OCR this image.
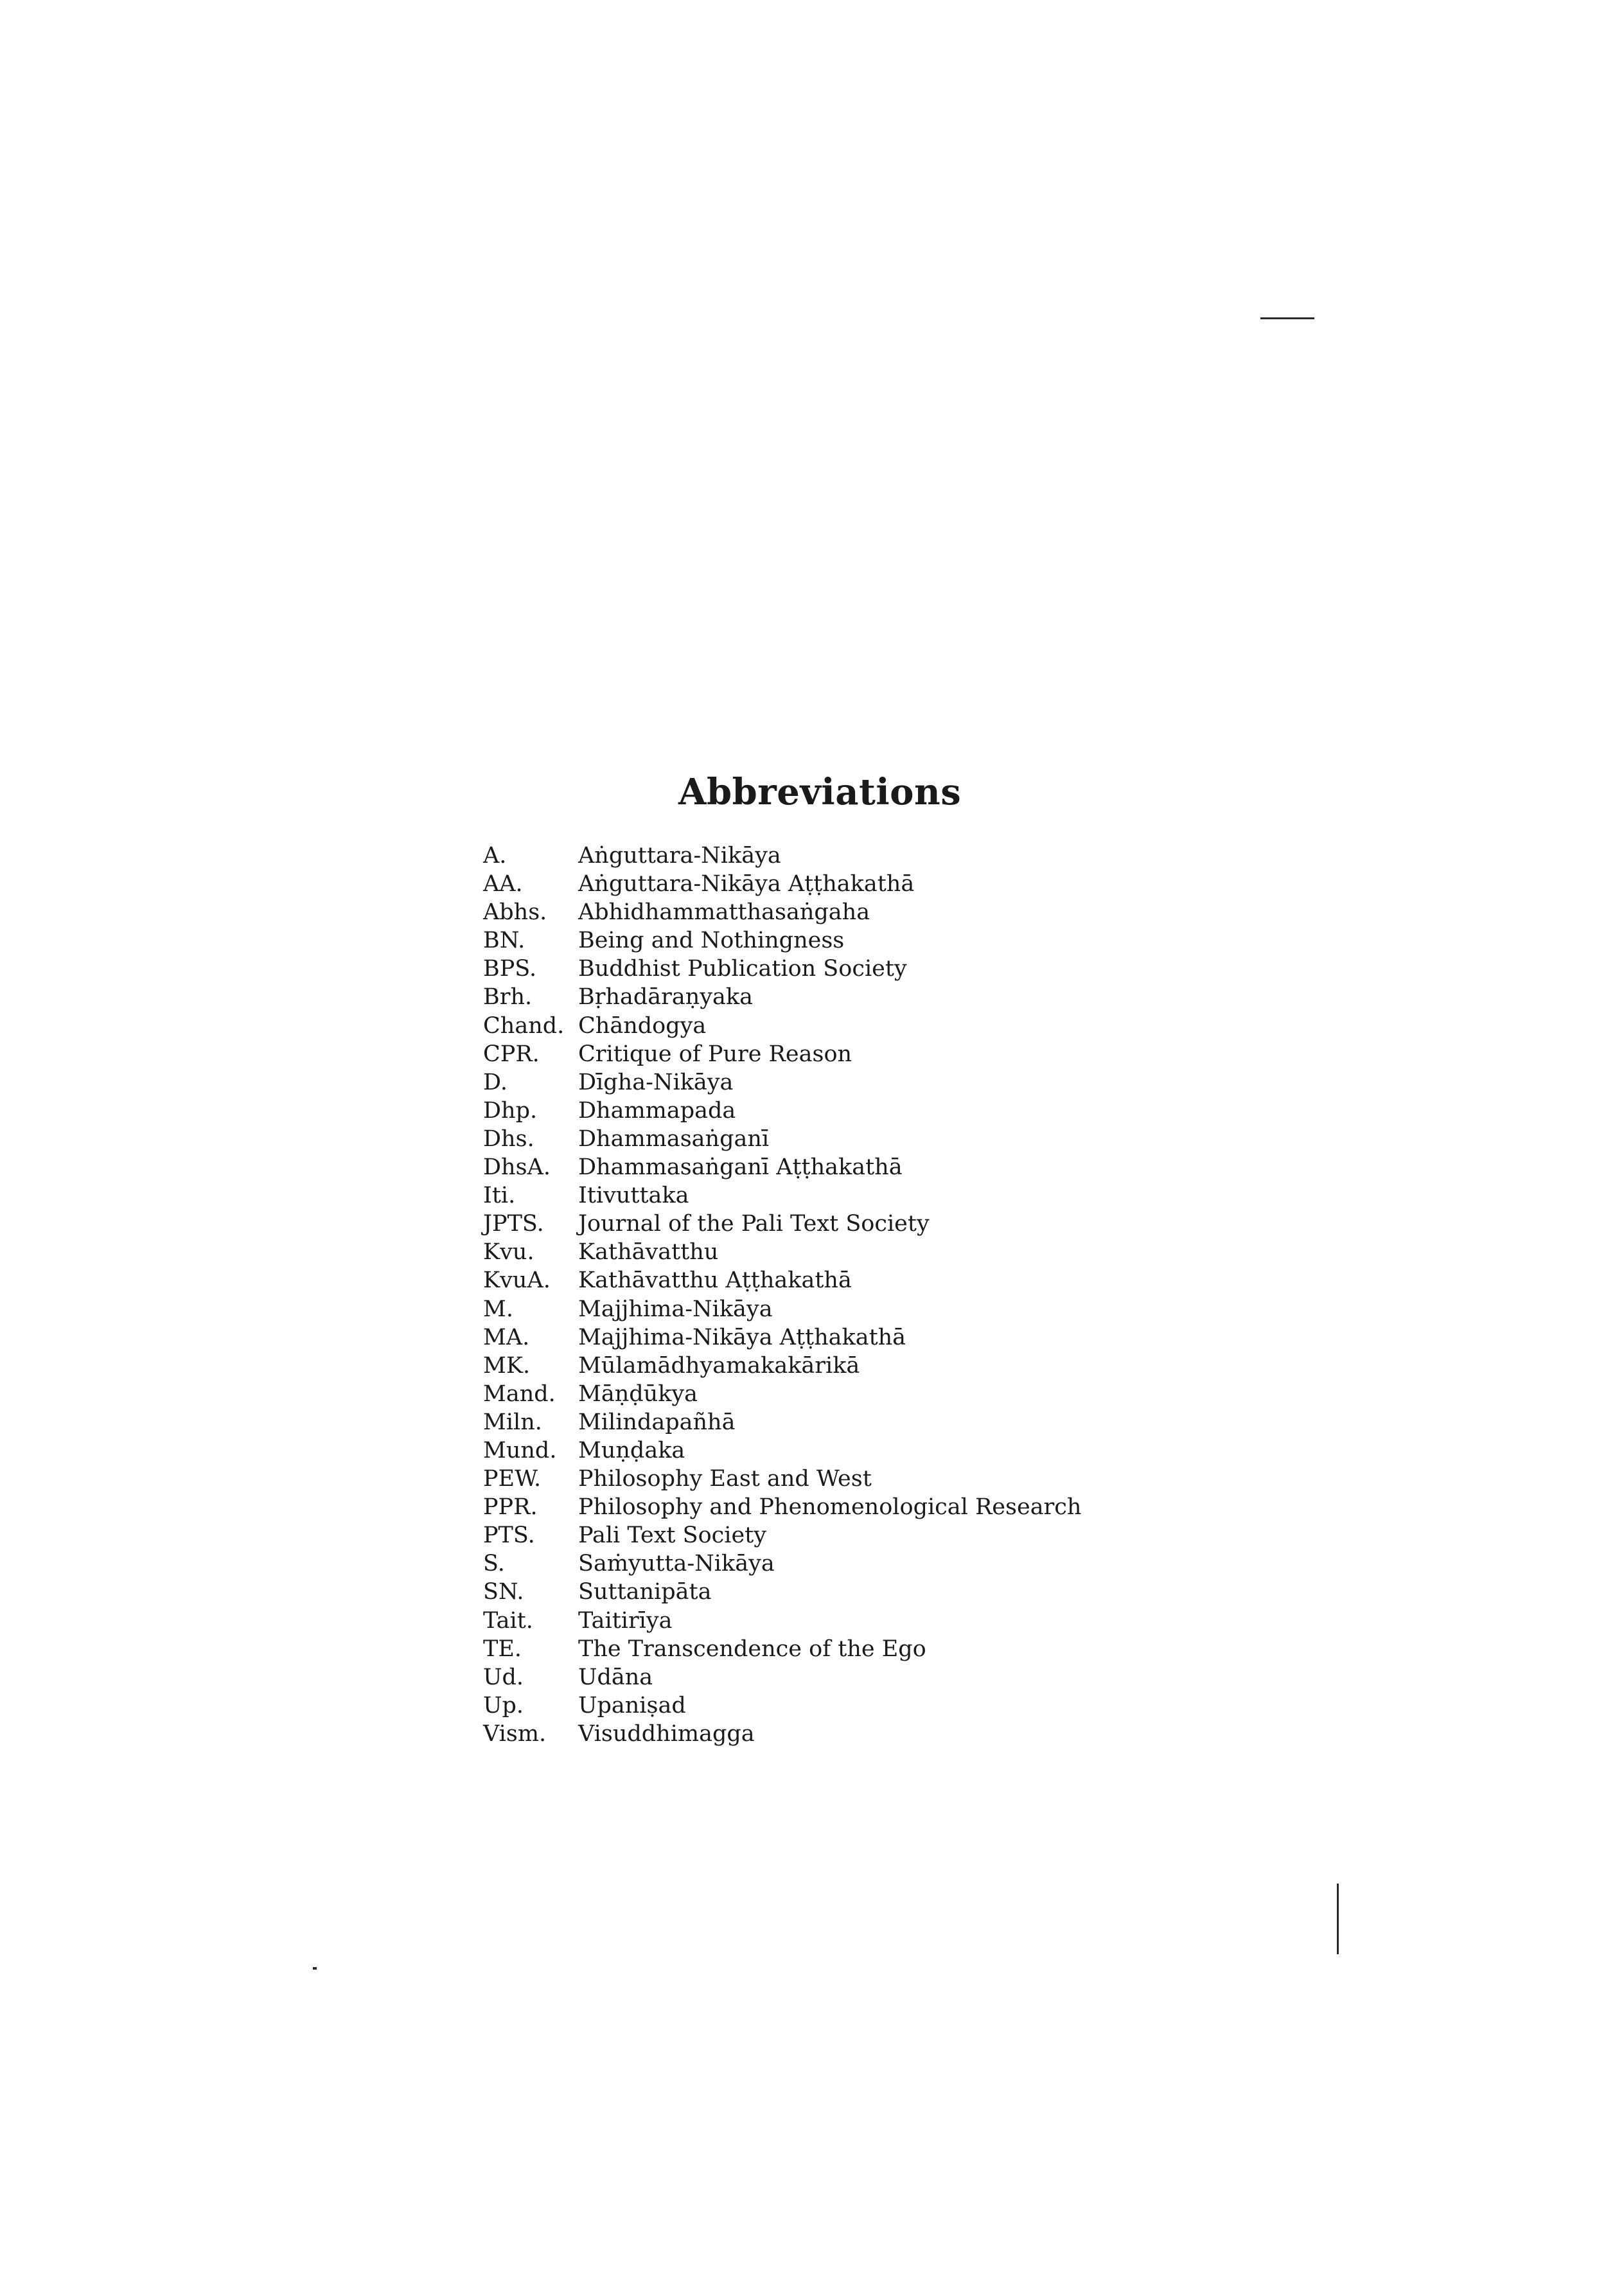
Abbreviations
A.	Aṅguttara-Nikāya
AA.	Aṅguttara-Nikāya Aṭṭhakathā
Abhs.	Abhidhammatthasaṅgaha
BN.	Being and Nothingness
BPS.	Buddhist Publication Society
Brh.	Bṛhadāraṇyaka
Chand. Chāndogya
CPR.	Critique of Pure Reason
D.	Dīgha-Nikāya
Dhp.	Dhammapada
Dhs.	Dhammasaṅganī
DhsA.	Dhammasaṅganī Aṭṭhakathā
Iti.	Itivuttaka
JPTS.	Journal of the Pali Text Society
Kvu.	Kathāvatthu
KvuA.	Kathāvatthu Aṭṭhakathā
M.	Majjhima-Nikāya
MA.	Majjhima-Nikāya Aṭṭhakathā
MK.	Mūlamādhyamakakārikā
Mand.	Māṇḍūkya
Miln.	Milindapañhā
Mund. Muṇḍaka
PEW.	Philosophy East and West
PPR.	Philosophy and Phenomenological Research
PTS.	Pali Text Society
S.	Saṁyutta-Nikāya
SN.	Suttanipāta
Tait.	Taitirīya
TE.	The Transcendence of the Ego
Ud.	Udāna
Up.	Upaniṣad
Vism.	Visuddhimagga
